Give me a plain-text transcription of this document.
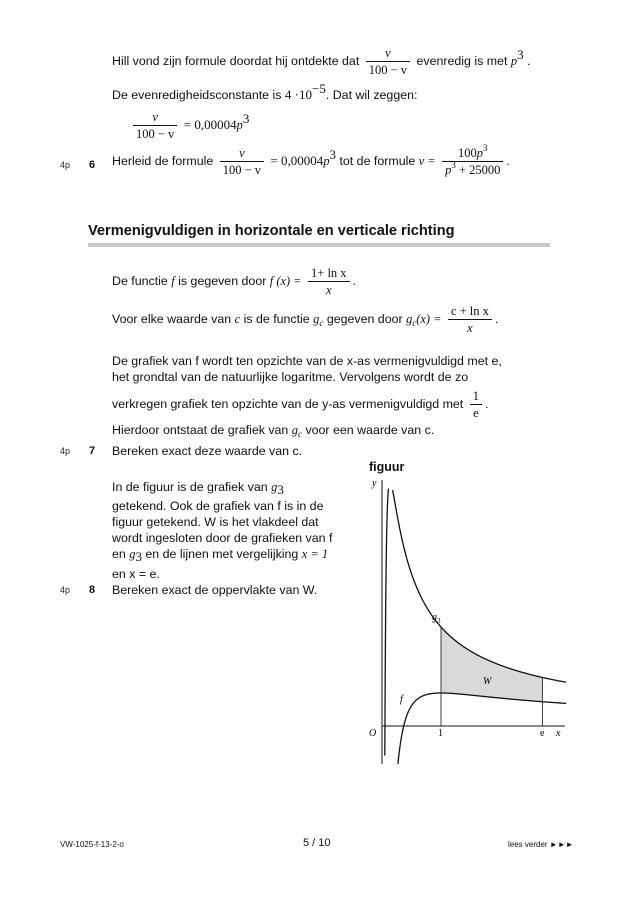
Hill vond zijn formule doordat hij ontdekte dat $\frac{v}{100 - v}$ evenredig is met $p^3$ .
De evenredigheidsconstante is $4 \cdot 10^{-5}$. Dat wil zeggen:
$\frac{v}{100 - v} = 0,00004p^3$
4p 6 Herleid de formule $\frac{v}{100 - v} = 0,00004p^3$ tot de formule $v = \frac{100p^3}{p^3 + 25000}$ .
Vermenigvuldigen in horizontale en verticale richting
De functie f is gegeven door f $(x) = \frac{\text{1+ ln x}}{x}$ .
Voor elke waarde van c is de functie $g_c$ gegeven door $g_c(x) = \frac{\text{c + ln x}}{x}$ .
De grafiek van f wordt ten opzichte van de x-as vermenigvuldigd met e,
het grondtal van de natuurlijke logaritme. Vervolgens wordt de zo
verkregen grafiek ten opzichte van de y-as vermenigvuldigd met $\frac{1}{e}$ .
Hierdoor ontstaat de grafiek van $g_c$ voor een waarde van c.
4p 7 Bereken exact deze waarde van c.
In de figuur is de grafiek van $g_3$
getekend. Ook de grafiek van f is in de
figuur getekend. W is het vlakdeel dat
wordt ingesloten door de grafieken van f
en $g_3$ en de lijnen met vergelijking x = 1
en x = e.
4p 8 Bereken exact de oppervlakte van W.
figuur
y
x
O	1	e
$g_3$
f
W
VW-1025-f-13-2-o	5 / 10	lees verder ►►►
